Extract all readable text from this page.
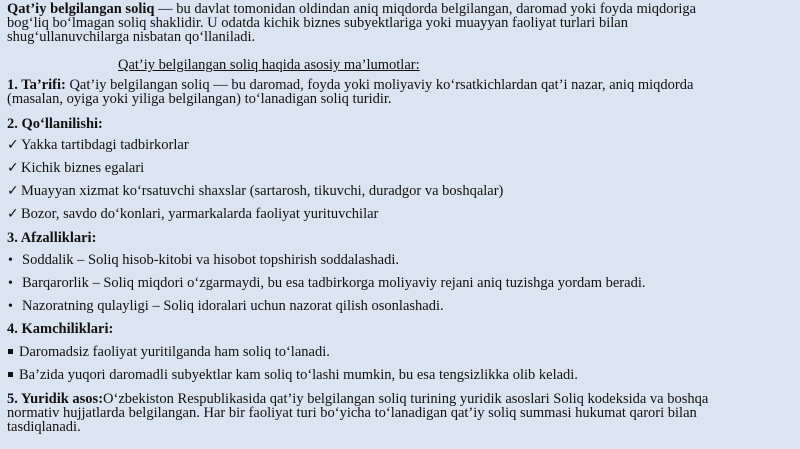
Qat’iy belgilangan soliq — bu davlat tomonidan oldindan aniq miqdorda belgilangan, daromad yoki foyda miqdoriga
bog‘liq bo‘lmagan soliq shaklidir. U odatda kichik biznes subyektlariga yoki muayyan faoliyat turlari bilan
shug‘ullanuvchilarga nisbatan qo‘llaniladi.
Qat’iy belgilangan soliq haqida asosiy ma’lumotlar:
1. Ta’rifi: Qat’iy belgilangan soliq — bu daromad, foyda yoki moliyaviy ko‘rsatkichlardan qat’i nazar, aniq miqdorda
(masalan, oyiga yoki yiliga belgilangan) to‘lanadigan soliq turidir.
2. Qo‘llanilishi:
✓ Yakka tartibdagi tadbirkorlar
✓ Kichik biznes egalari
✓ Muayyan xizmat ko‘rsatuvchi shaxslar (sartarosh, tikuvchi, duradgor va boshqalar)
✓ Bozor, savdo do‘konlari, yarmarkalarda faoliyat yurituvchilar
3. Afzalliklari:
• Soddalik – Soliq hisob-kitobi va hisobot topshirish soddalashadi.
• Barqarorlik – Soliq miqdori o‘zgarmaydi, bu esa tadbirkorga moliyaviy rejani aniq tuzishga yordam beradi.
• Nazoratning qulayligi – Soliq idoralari uchun nazorat qilish osonlashadi.
4. Kamchiliklari:
Daromadsiz faoliyat yuritilganda ham soliq to‘lanadi.
Ba’zida yuqori daromadli subyektlar kam soliq to‘lashi mumkin, bu esa tengsizlikka olib keladi.
5. Yuridik asos:O‘zbekiston Respublikasida qat’iy belgilangan soliq turining yuridik asoslari Soliq kodeksida va boshqa
normativ hujjatlarda belgilangan. Har bir faoliyat turi bo‘yicha to‘lanadigan qat’iy soliq summasi hukumat qarori bilan
tasdiqlanadi.
